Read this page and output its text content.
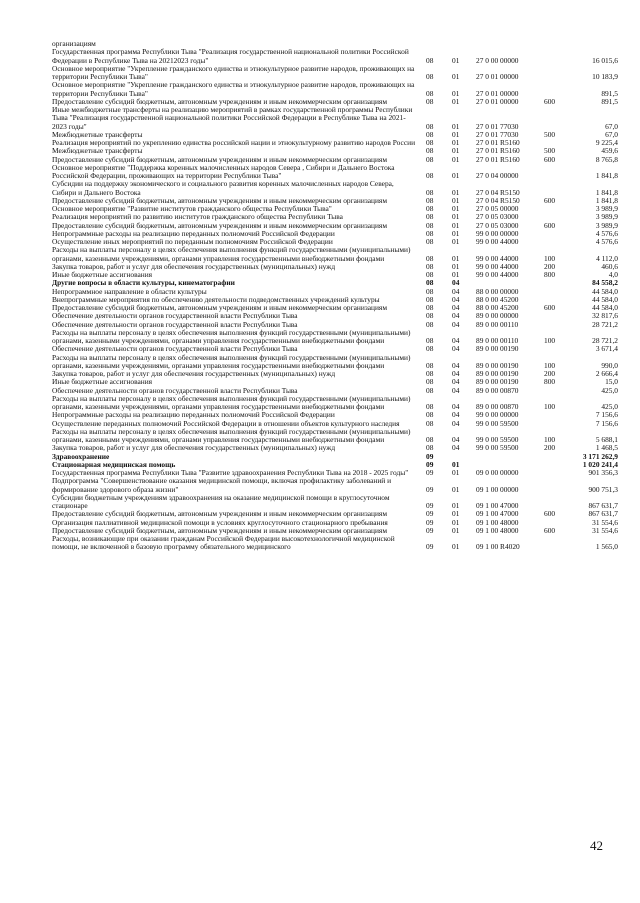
организациям					
Государственная программа Республики Тыва "Реализация государственной национальной политики Российской Федерации в Республике Тыва на 20212023 годы"	08	01	27 0 00 00000		16 015,6
Основное мероприятие "Укрепление гражданского единства и этнокультурное развитие народов, проживающих на территории Республики Тыва"	08	01	27 0 01 00000		10 183,9
Основное мероприятие "Укрепление гражданского единства и этнокультурное развитие народов, проживающих на территории Республики Тыва"	08	01	27 0 01 00000		891,5
Предоставление субсидий бюджетным, автономным учреждениям и иным некоммерческим организациям	08	01	27 0 01 00000	600	891,5
Иные межбюджетные трансферты на реализацию мероприятий в рамках государственной программы Республики Тыва "Реализация государственной национальной политики Российской Федерации в Республике Тыва на 2021-2023 годы"	08	01	27 0 01 77030		67,0
Межбюджетные трансферты	08	01	27 0 01 77030	500	67,0
Реализация мероприятий по укреплению единства российской нации и этнокультурному развитию народов России	08	01	27 0 01 R5160		9 225,4
Межбюджетные трансферты	08	01	27 0 01 R5160	500	459,6
Предоставление субсидий бюджетным, автономным учреждениям и иным некоммерческим организациям	08	01	27 0 01 R5160	600	8 765,8
Основное мероприятие "Поддержка коренных малочисленных народов Севера , Сибири и Дальнего Востока Российской Федерации, проживающих на территории Республики Тыва"	08	01	27 0 04 00000		1 841,8
Субсидии на поддержку экономического и социального развития коренных малочисленных народов Севера, Сибири и Дальнего Востока	08	01	27 0 04 R5150		1 841,8
Предоставление субсидий бюджетным, автономным учреждениям и иным некоммерческим организациям	08	01	27 0 04 R5150	600	1 841,8
Основное мероприятие "Развитие институтов гражданского общества Республики Тыва"	08	01	27 0 05 00000		3 989,9
Реализация мероприятий по развитию институтов гражданского общества Республики Тыва	08	01	27 0 05 03000		3 989,9
Предоставление субсидий бюджетным, автономным учреждениям и иным некоммерческим организациям	08	01	27 0 05 03000	600	3 989,9
Непрограммные расходы на реализацию переданных полномочий Российской Федерации	08	01	99 0 00 00000		4 576,6
Осуществление иных мероприятий по переданным полномочиям Российской Федерации	08	01	99 0 00 44000		4 576,6
Расходы на выплаты персоналу в целях обеспечения выполнения функций государственными (муниципальными) органами, казенными учреждениями, органами управления государственными внебюджетными фондами	08	01	99 0 00 44000	100	4 112,0
Закупка товаров, работ и услуг для обеспечения государственных (муниципальных) нужд	08	01	99 0 00 44000	200	460,6
Иные бюджетные ассигнования	08	01	99 0 00 44000	800	4,0
Другие вопросы в области культуры, кинематографии	08	04			84 558,2
Непрограммное направление в области культуры	08	04	88 0 00 00000		44 584,0
Внепрограммные мероприятия по обеспечению деятельности подведомственных учреждений культуры	08	04	88 0 00 45200		44 584,0
Предоставление субсидий бюджетным, автономным учреждениям и иным некоммерческим организациям	08	04	88 0 00 45200	600	44 584,0
Обеспечение деятельности органов государственной власти Республики Тыва	08	04	89 0 00 00000		32 817,6
Обеспечение деятельности органов государственной власти Республики Тыва	08	04	89 0 00 00110		28 721,2
Расходы на выплаты персоналу в целях обеспечения выполнения функций государственными (муниципальными) органами, казенными учреждениями, органами управления государственными внебюджетными фондами	08	04	89 0 00 00110	100	28 721,2
Обеспечение деятельности органов государственной власти Республики Тыва	08	04	89 0 00 00190		3 671,4
Расходы на выплаты персоналу в целях обеспечения выполнения функций государственными (муниципальными) органами, казенными учреждениями, органами управления государственными внебюджетными фондами	08	04	89 0 00 00190	100	990,0
Закупка товаров, работ и услуг для обеспечения государственных (муниципальных) нужд	08	04	89 0 00 00190	200	2 666,4
Иные бюджетные ассигнования	08	04	89 0 00 00190	800	15,0
Обеспечение деятельности органов государственной власти Республики Тыва	08	04	89 0 00 00870		425,0
Расходы на выплаты персоналу в целях обеспечения выполнения функций государственными (муниципальными) органами, казенными учреждениями, органами управления государственными внебюджетными фондами	08	04	89 0 00 00870	100	425,0
Непрограммные расходы на реализацию переданных полномочий Российской Федерации	08	04	99 0 00 00000		7 156,6
Осуществление переданных полномочий Российской Федерации в отношении объектов культурного наследия	08	04	99 0 00 59500		7 156,6
Расходы на выплаты персоналу в целях обеспечения выполнения функций государственными (муниципальными) органами, казенными учреждениями, органами управления государственными внебюджетными фондами	08	04	99 0 00 59500	100	5 688,1
Закупка товаров, работ и услуг для обеспечения государственных (муниципальных) нужд	08	04	99 0 00 59500	200	1 468,5
Здравоохранение	09				3 171 262,9
Стационарная медицинская помощь	09	01			1 020 241,4
Государственная программа Республики Тыва "Развитие здравоохранения Республики Тыва на 2018 - 2025 годы"	09	01	09 0 00 00000		901 356,3
Подпрограмма "Совершенствование оказания медицинской помощи, включая профилактику заболеваний и формирование здорового образа жизни"	09	01	09 1 00 00000		900 751,3
Субсидии бюджетным учреждениям здравоохранения на оказание медицинской помощи в круглосуточном стационаре	09	01	09 1 00 47000		867 631,7
Предоставление субсидий бюджетным, автономным учреждениям и иным некоммерческим организациям	09	01	09 1 00 47000	600	867 631,7
Организация паллиативной медицинской помощи в условиях круглосуточного стационарного пребывания	09	01	09 1 00 48000		31 554,6
Предоставление субсидий бюджетным, автономным учреждениям и иным некоммерческим организациям	09	01	09 1 00 48000	600	31 554,6
Расходы, возникающие при оказании гражданам Российской Федерации высокотехнологичной медицинской помощи, не включенной в базовую программу обязательного медицинского	09	01	09 1 00 R4020		1 565,0
42
